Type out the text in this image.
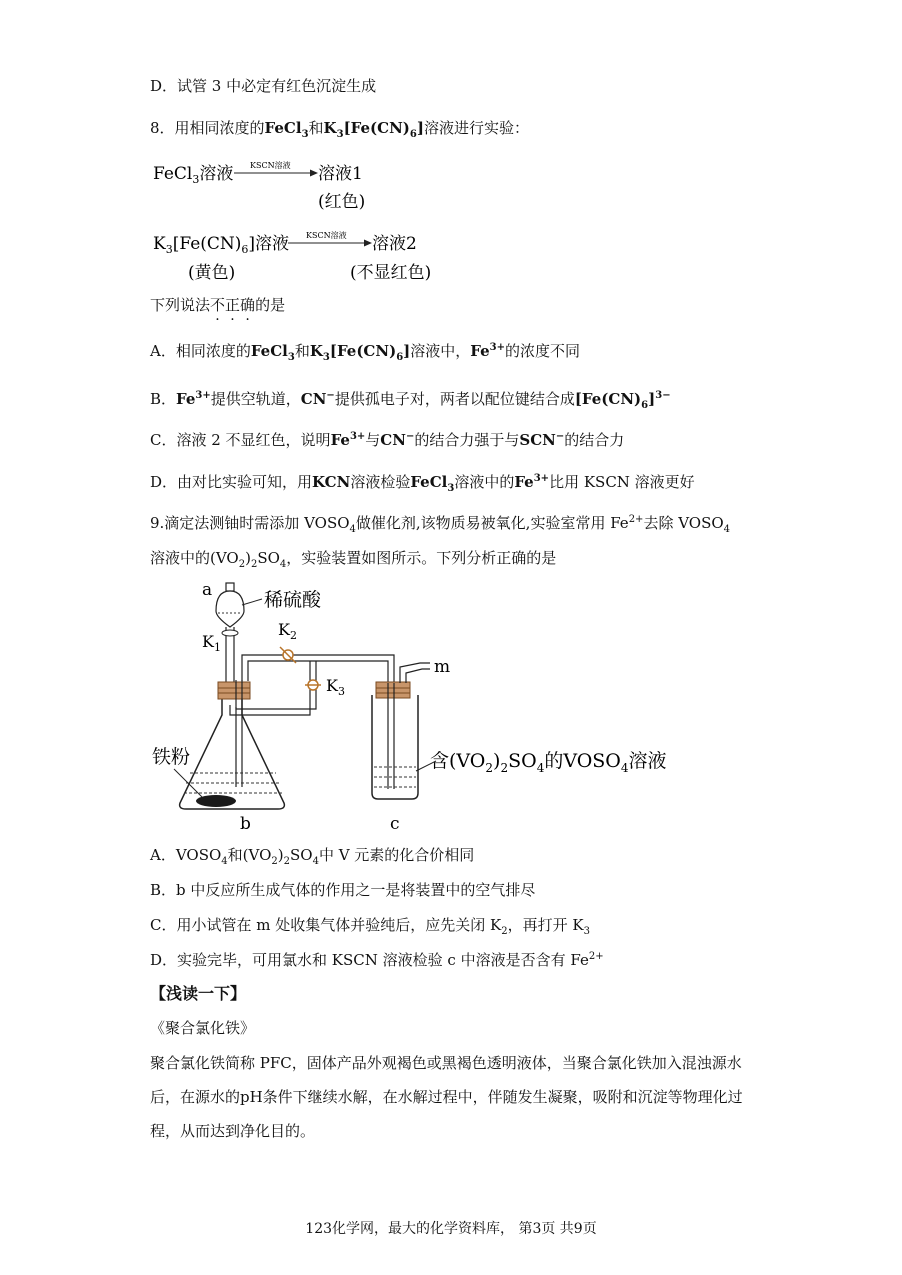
D．试管 3 中必定有红色沉淀生成
8．用相同浓度的FeCl$_3$和$K_3[Fe(CN)_6]$溶液进行实验：
FeCl$_3$溶液 KSCN溶液 溶液1
(红色)
$K_3[Fe(CN)_6]$溶液 KSCN溶液 溶液2
(黄色)	(不显红色)
下列说法不正确的是
A．相同浓度的FeCl$_3$和$K_3[Fe(CN)_6]$溶液中，$Fe^{3+}$的浓度不同
B．$Fe^{3+}$提供空轨道，CN−提供孤电子对，两者以配位键结合成$[Fe(CN)_6]^{3-}$
C．溶液 2 不显红色，说明$Fe^{3+}$与CN−的结合力强于与SCN−的结合力
D．由对比实验可知，用KCN溶液检验FeCl$_3$溶液中的$Fe^{3+}$比用 KSCN 溶液更好
9.滴定法测铀时需添加 $VOSO_4$做催化剂,该物质易被氧化,实验室常用 $Fe^{2+}$去除 $VOSO_4$
溶液中的$(VO_2)_2SO_4$，实验装置如图所示。下列分析正确的是
a	稀硫酸
$K_1$
$K_2$
$K_3$
m
铁粉	含$(VO_2)_2SO_4$的$VOSO_4$溶液
b	c
A．$VOSO_4$和$(VO_2)_2SO_4$中 V 元素的化合价相同
B．b 中反应所生成气体的作用之一是将装置中的空气排尽
C．用小试管在 m 处收集气体并验纯后，应先关闭 $K_2$，再打开 $K_3$
D．实验完毕，可用氯水和 KSCN 溶液检验 c 中溶液是否含有 $Fe^{2+}$
【浅读一下】
《聚合氯化铁》
聚合氯化铁简称 PFC，固体产品外观褐色或黑褐色透明液体，当聚合氯化铁加入混浊源水后，在源水的pH条件下继续水解，在水解过程中，伴随发生凝聚，吸附和沉淀等物理化过程，从而达到净化目的。
123化学网，最大的化学资料库， 第3页 共9页
